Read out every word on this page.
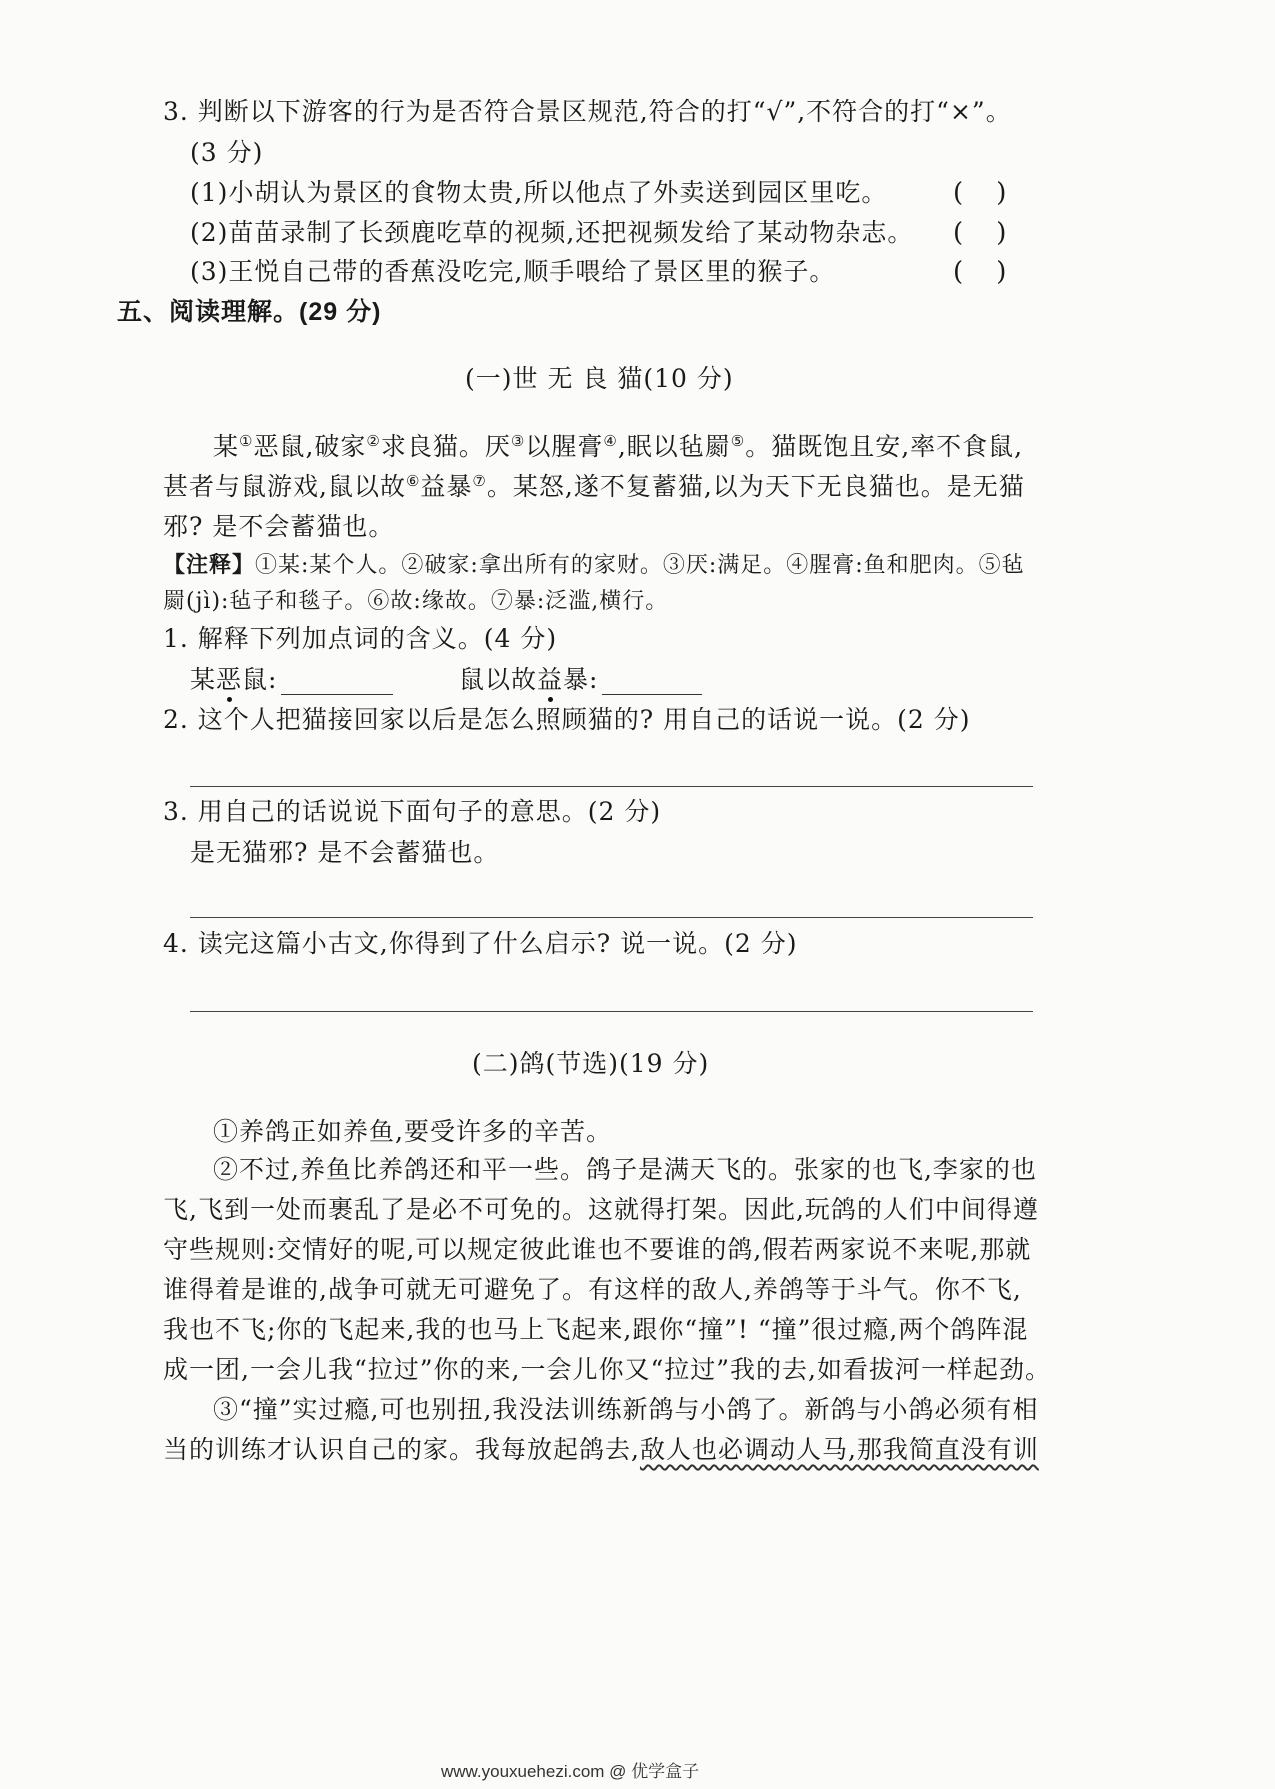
3. 判断以下游客的行为是否符合景区规范,符合的打“√”,不符合的打“×”。
(3 分)
(1)小胡认为景区的食物太贵,所以他点了外卖送到园区里吃。	(    )
(2)苗苗录制了长颈鹿吃草的视频,还把视频发给了某动物杂志。 (    )
(3)王悦自己带的香蕉没吃完,顺手喂给了景区里的猴子。	(    )
五、阅读理解。(29 分)
(一)世 无 良 猫(10 分)
某①恶鼠,破家②求良猫。厌③以腥膏④,眠以毡罽⑤。猫既饱且安,率不食鼠,
甚者与鼠游戏,鼠以故⑥益暴⑦。某怒,遂不复蓄猫,以为天下无良猫也。是无猫
邪? 是不会蓄猫也。
【注释】①某:某个人。②破家:拿出所有的家财。③厌:满足。④腥膏:鱼和肥肉。⑤毡
罽(jì):毡子和毯子。⑥故:缘故。⑦暴:泛滥,横行。
1. 解释下列加点词的含义。(4 分)
某恶鼠:	鼠以故益暴:
2. 这个人把猫接回家以后是怎么照顾猫的? 用自己的话说一说。(2 分)
3. 用自己的话说说下面句子的意思。(2 分)
是无猫邪? 是不会蓄猫也。
4. 读完这篇小古文,你得到了什么启示? 说一说。(2 分)
(二)鸽(节选)(19 分)
①养鸽正如养鱼,要受许多的辛苦。
②不过,养鱼比养鸽还和平一些。鸽子是满天飞的。张家的也飞,李家的也
飞,飞到一处而裹乱了是必不可免的。这就得打架。因此,玩鸽的人们中间得遵
守些规则:交情好的呢,可以规定彼此谁也不要谁的鸽,假若两家说不来呢,那就
谁得着是谁的,战争可就无可避免了。有这样的敌人,养鸽等于斗气。你不飞,
我也不飞;你的飞起来,我的也马上飞起来,跟你“撞”! “撞”很过瘾,两个鸽阵混
成一团,一会儿我“拉过”你的来,一会儿你又“拉过”我的去,如看拔河一样起劲。
③“撞”实过瘾,可也别扭,我没法训练新鸽与小鸽了。新鸽与小鸽必须有相
当的训练才认识自己的家。我每放起鸽去,敌人也必调动人马,那我简直没有训
www.youxuehezi.com @ 优学盒子
